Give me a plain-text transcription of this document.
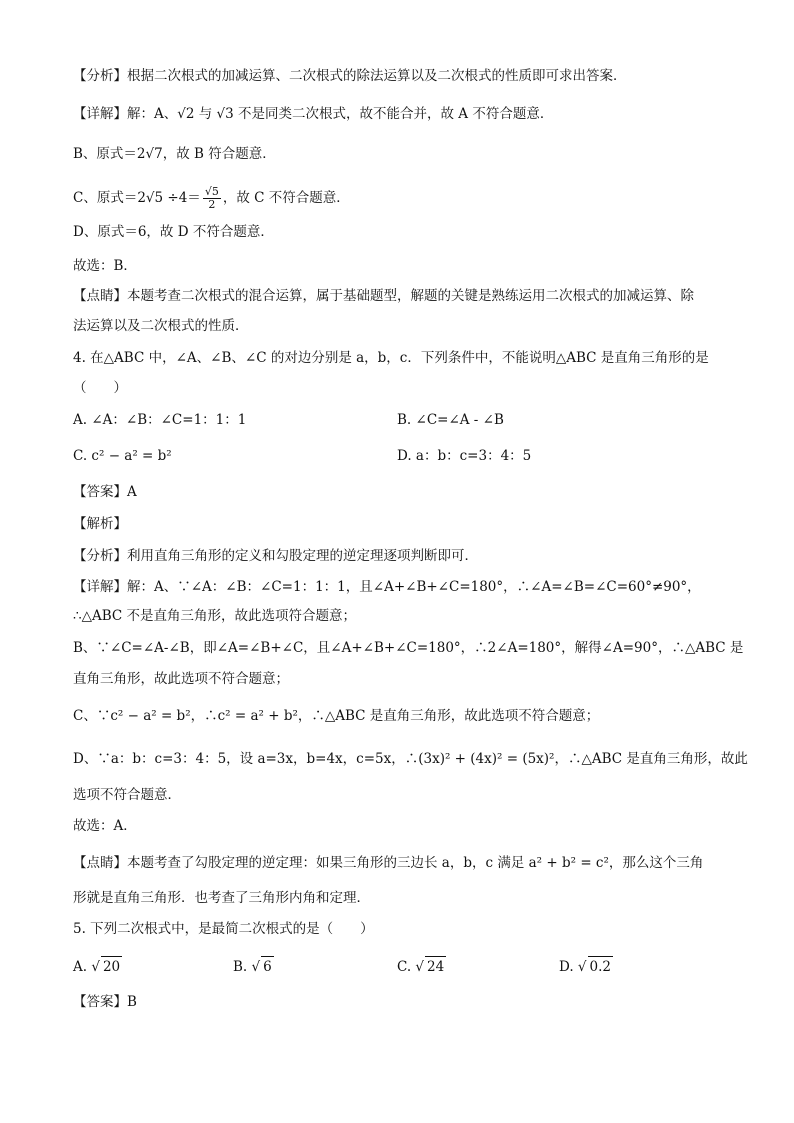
【分析】根据二次根式的加减运算、二次根式的除法运算以及二次根式的性质即可求出答案．
【详解】解：A、√2 与 √3 不是同类二次根式，故不能合并，故 A 不符合题意．
B、原式＝2√7，故 B 符合题意．
C、原式$=2√5 \div 4= \frac{√5}{2}$ ，故 C 不符合题意．
D、原式＝6，故 D 不符合题意．
故选：B．
【点睛】本题考查二次根式的混合运算，属于基础题型，解题的关键是熟练运用二次根式的加减运算、除
法运算以及二次根式的性质．
4. 在△ABC 中，∠A、∠B、∠C 的对边分别是 a，b，c．下列条件中，不能说明△ABC 是直角三角形的是
（　　）
A. ∠A：∠B：∠C=1：1：1	B. ∠C=∠A - ∠B
C. c² − a² = b²	D. a：b：c=3：4：5
【答案】A
【解析】
【分析】利用直角三角形的定义和勾股定理的逆定理逐项判断即可．
【详解】解：A、∵∠A：∠B：∠C=1：1：1，且∠A+∠B+∠C=180°，∴∠A=∠B=∠C=60°≠90°，
∴△ABC 不是直角三角形，故此选项符合题意；
B、∵∠C=∠A-∠B，即∠A=∠B+∠C，且∠A+∠B+∠C=180°，∴2∠A=180°，解得∠A=90°，∴△ABC 是
直角三角形，故此选项不符合题意；
C、∵c² − a² = b²，∴c² = a² + b²，∴△ABC 是直角三角形，故此选项不符合题意；
D、∵a：b：c=3：4：5，设 a=3x，b=4x，c=5x，∴(3x)² + (4x)² = (5x)²，∴△ABC 是直角三角形，故此
选项不符合题意．
故选：A．
【点睛】本题考查了勾股定理的逆定理：如果三角形的三边长 a，b，c 满足 a² + b² = c²，那么这个三角
形就是直角三角形．也考查了三角形内角和定理．
5. 下列二次根式中，是最简二次根式的是（　　）
A. √ 20	B. √ 6	C. √ 24	D. √ 0.2
【答案】B
